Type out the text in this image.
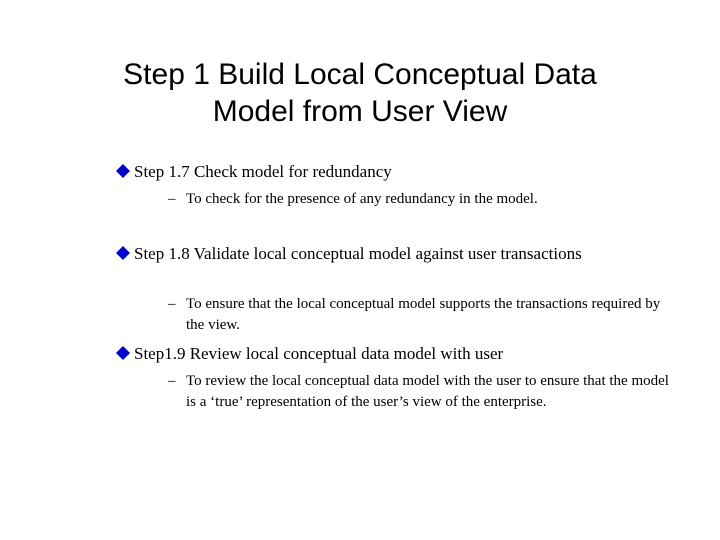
Step 1 Build Local Conceptual Data
Model from User View
Step 1.7 Check model for redundancy
– To check for the presence of any redundancy in the model.
Step 1.8 Validate local conceptual model against user transactions
– To ensure that the local conceptual model supports the transactions required by the view.
Step1.9 Review local conceptual data model with user
– To review the local conceptual data model with the user to ensure that the model is a ‘true’ representation of the user’s view of the enterprise.
